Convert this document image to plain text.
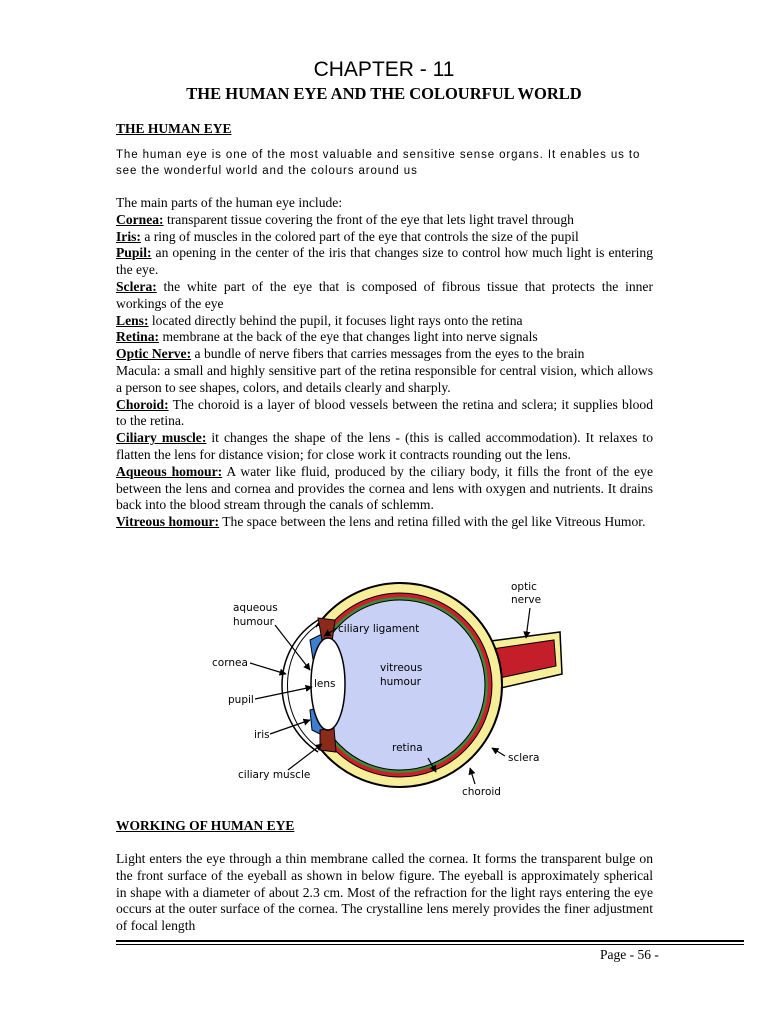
CHAPTER - 11
THE HUMAN EYE AND THE COLOURFUL WORLD
THE HUMAN EYE
The human eye is one of the most valuable and sensitive sense organs. It enables us to see the wonderful world and the colours around us

The main parts of the human eye include:

Cornea: transparent tissue covering the front of the eye that lets light travel through

Iris: a ring of muscles in the colored part of the eye that controls the size of the pupil

Pupil: an opening in the center of the iris that changes size to control how much light is entering the eye.

Sclera: the white part of the eye that is composed of fibrous tissue that protects the inner workings of the eye

Lens: located directly behind the pupil, it focuses light rays onto the retina

Retina: membrane at the back of the eye that changes light into nerve signals

Optic Nerve: a bundle of nerve fibers that carries messages from the eyes to the brain

Macula: a small and highly sensitive part of the retina responsible for central vision, which allows a person to see shapes, colors, and details clearly and sharply.

Choroid: The choroid is a layer of blood vessels between the retina and sclera; it supplies blood to the retina.

Ciliary muscle: it changes the shape of the lens - (this is called accommodation). It relaxes to flatten the lens for distance vision; for close work it contracts rounding out the lens.

Aqueous homour: A water like fluid, produced by the ciliary body, it fills the front of the eye between the lens and cornea and provides the cornea and lens with oxygen and nutrients. It drains back into the blood stream through the canals of schlemm.

Vitreous homour: The space between the lens and retina filled with the gel like Vitreous Humor.

aqueous
humour
cornea
pupil
iris
ciliary muscle
ciliary ligament
lens
vitreous
humour
retina
optic
nerve
sclera
choroid
WORKING OF HUMAN EYE

Light enters the eye through a thin membrane called the cornea. It forms the transparent bulge on the front surface of the eyeball as shown in below figure. The eyeball is approximately spherical in shape with a diameter of about 2.3 cm. Most of the refraction for the light rays entering the eye occurs at the outer surface of the cornea. The crystalline lens merely provides the finer adjustment of focal length

Page - 56 -
